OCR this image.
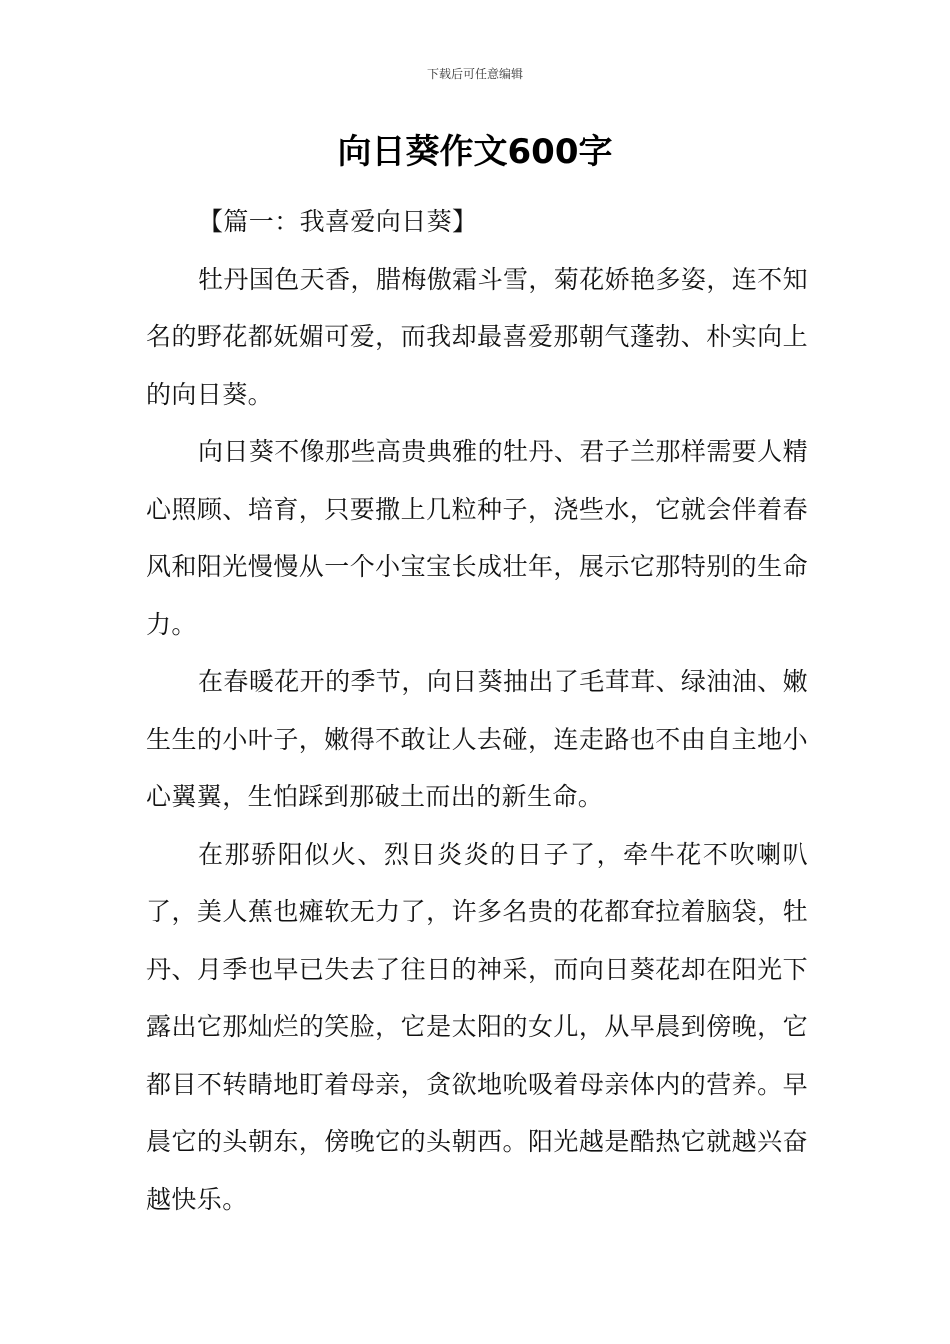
下载后可任意编辑
向日葵作文600字

【篇一：我喜爱向日葵】

牡丹国色天香，腊梅傲霜斗雪，菊花娇艳多姿，连不知名的野花都妩媚可爱，而我却最喜爱那朝气蓬勃、朴实向上的向日葵。

向日葵不像那些高贵典雅的牡丹、君子兰那样需要人精心照顾、培育，只要撒上几粒种子，浇些水，它就会伴着春风和阳光慢慢从一个小宝宝长成壮年，展示它那特别的生命力。

在春暖花开的季节，向日葵抽出了毛茸茸、绿油油、嫩生生的小叶子，嫩得不敢让人去碰，连走路也不由自主地小心翼翼，生怕踩到那破土而出的新生命。

在那骄阳似火、烈日炎炎的日子了，牵牛花不吹喇叭了，美人蕉也瘫软无力了，许多名贵的花都耷拉着脑袋，牡丹、月季也早已失去了往日的神采，而向日葵花却在阳光下露出它那灿烂的笑脸，它是太阳的女儿，从早晨到傍晚，它都目不转睛地盯着母亲，贪欲地吮吸着母亲体内的营养。早晨它的头朝东，傍晚它的头朝西。阳光越是酷热它就越兴奋越快乐。
